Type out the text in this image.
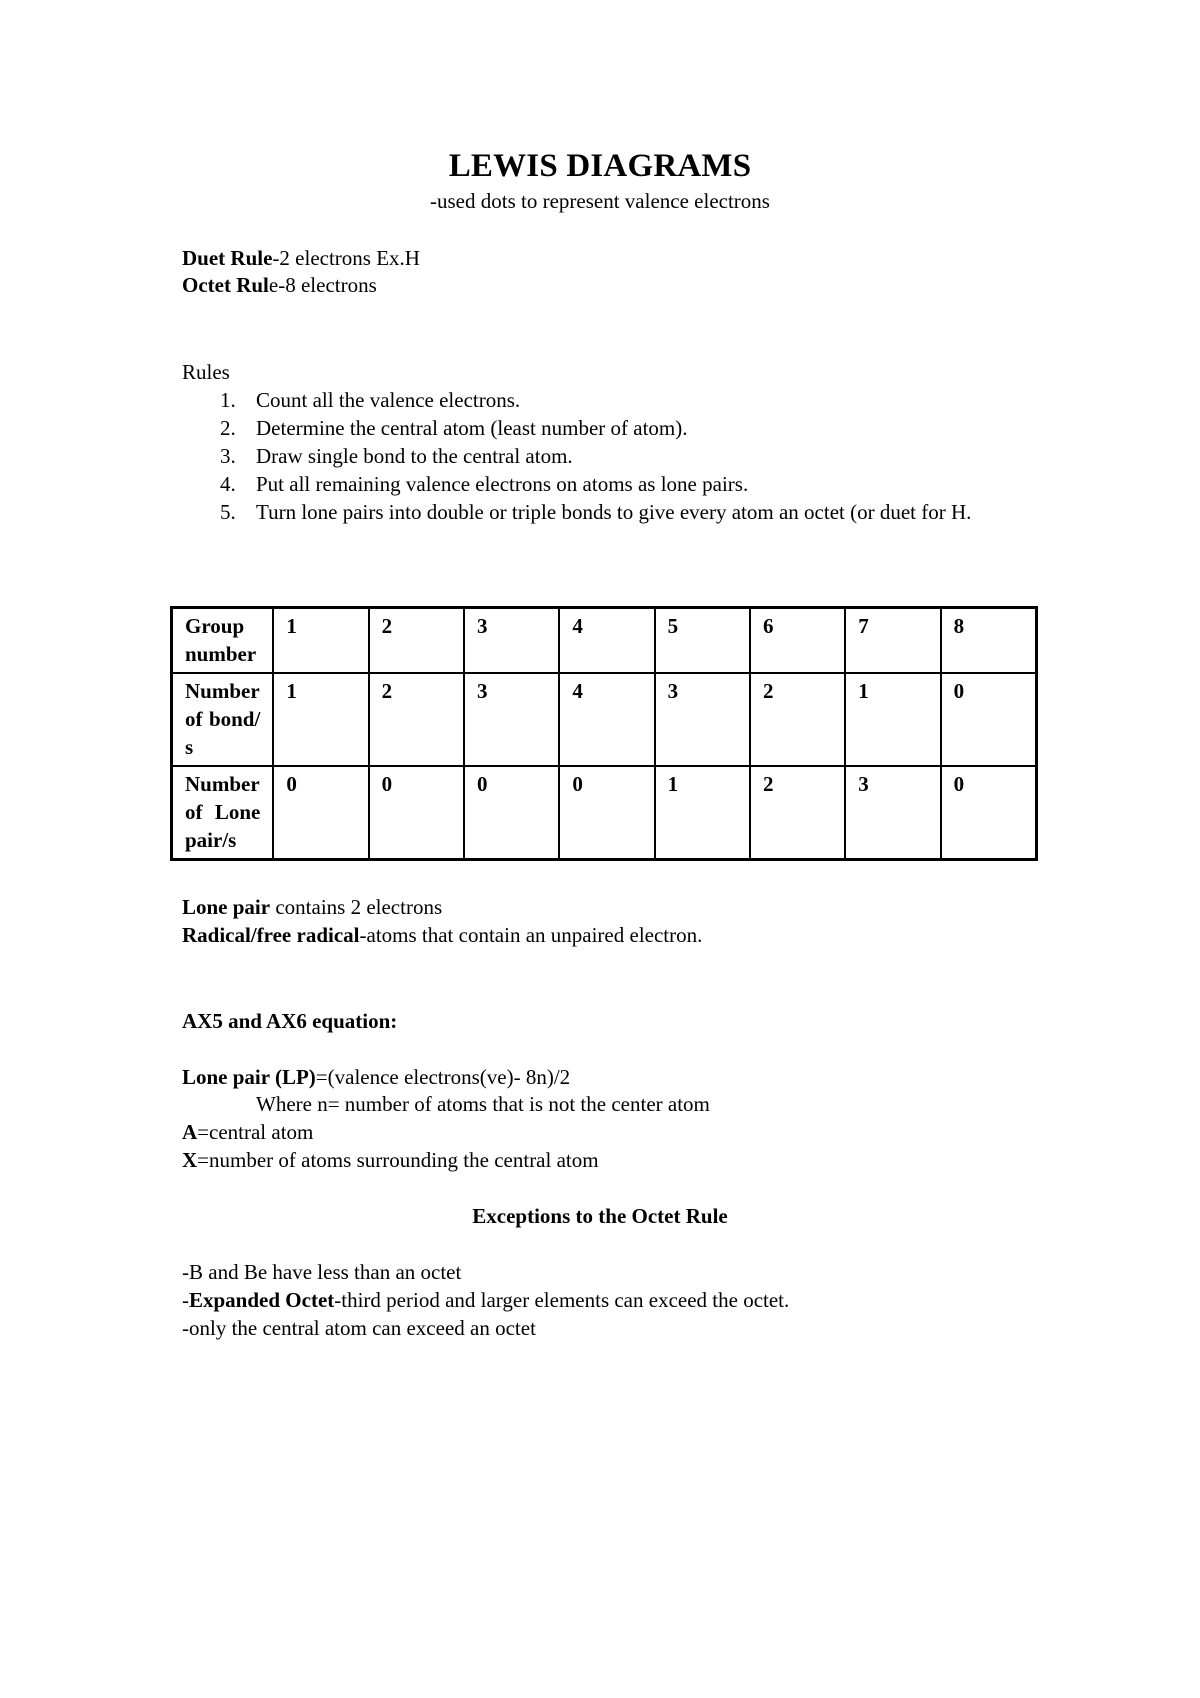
LEWIS DIAGRAMS
-used dots to represent valence electrons
Duet Rule-2 electrons Ex.H
Octet Rule-8 electrons
Rules
1. Count all the valence electrons.
2. Determine the central atom (least number of atom).
3. Draw single bond to the central atom.
4. Put all remaining valence electrons on atoms as lone pairs.
5. Turn lone pairs into double or triple bonds to give every atom an octet (or duet for H.
Group number	1	2	3	4	5	6	7	8
Number of bond/s	1	2	3	4	3	2	1	0
Number of Lone pair/s	0	0	0	0	1	2	3	0
Lone pair contains 2 electrons
Radical/free radical-atoms that contain an unpaired electron.
AX5 and AX6 equation:
Lone pair (LP)=(valence electrons(ve)- 8n)/2
Where n= number of atoms that is not the center atom
A=central atom
X=number of atoms surrounding the central atom
Exceptions to the Octet Rule
-B and Be have less than an octet
-Expanded Octet-third period and larger elements can exceed the octet.
-only the central atom can exceed an octet
